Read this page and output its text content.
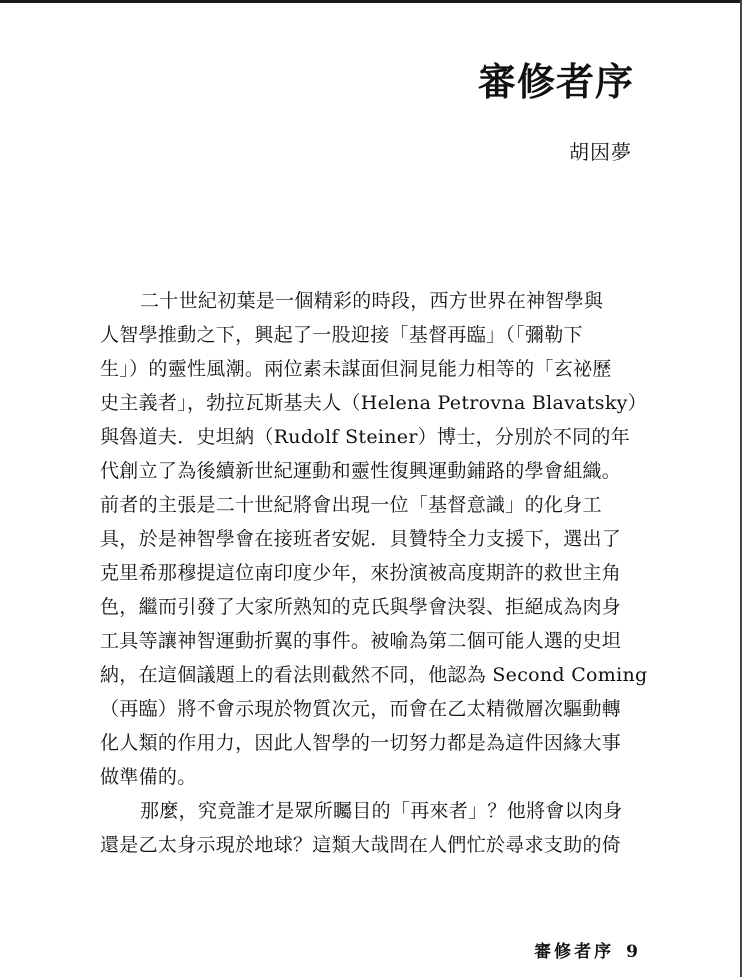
審修者序
胡因夢
二十世紀初葉是一個精彩的時段，西方世界在神智學與
人智學推動之下，興起了一股迎接「基督再臨」（「彌勒下
生」）的靈性風潮。兩位素未謀面但洞見能力相等的「玄祕歷
史主義者」，勃拉瓦斯基夫人（Helena Petrovna Blavatsky）
與魯道夫．史坦納（Rudolf Steiner）博士，分別於不同的年
代創立了為後續新世紀運動和靈性復興運動鋪路的學會組織。
前者的主張是二十世紀將會出現一位「基督意識」的化身工
具，於是神智學會在接班者安妮．貝贊特全力支援下，選出了
克里希那穆提這位南印度少年，來扮演被高度期許的救世主角
色，繼而引發了大家所熟知的克氏與學會決裂、拒絕成為肉身
工具等讓神智運動折翼的事件。被喻為第二個可能人選的史坦
納，在這個議題上的看法則截然不同，他認為 Second Coming
（再臨）將不會示現於物質次元，而會在乙太精微層次驅動轉
化人類的作用力，因此人智學的一切努力都是為這件因緣大事
做準備的。
那麼，究竟誰才是眾所矚目的「再來者」？他將會以肉身
還是乙太身示現於地球？這類大哉問在人們忙於尋求支助的倚
審修者序 9
